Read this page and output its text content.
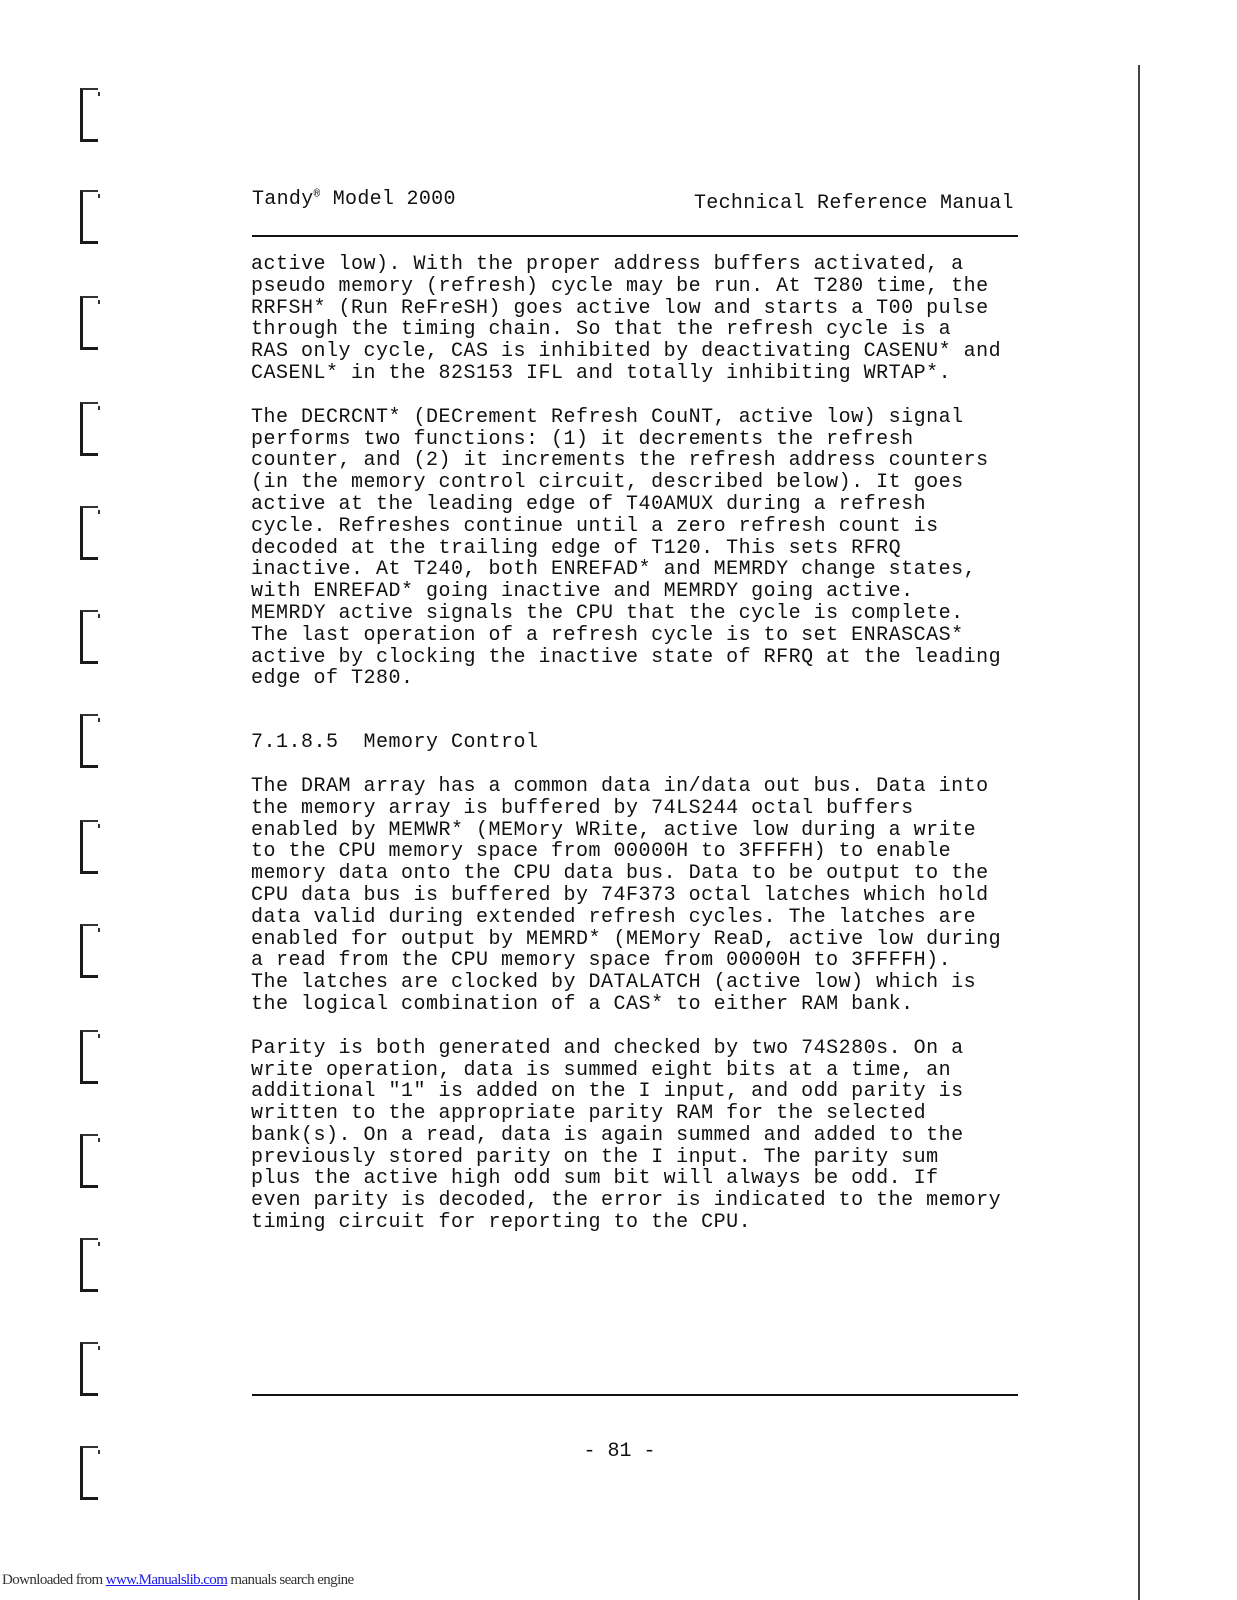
Tandy® Model 2000	Technical Reference Manual

active low). With the proper address buffers activated, a
pseudo memory (refresh) cycle may be run. At T280 time, the
RRFSH* (Run ReFreSH) goes active low and starts a T00 pulse
through the timing chain. So that the refresh cycle is a
RAS only cycle, CAS is inhibited by deactivating CASENU* and
CASENL* in the 82S153 IFL and totally inhibiting WRTAP*.

The DECRCNT* (DECrement Refresh CouNT, active low) signal
performs two functions: (1) it decrements the refresh
counter, and (2) it increments the refresh address counters
(in the memory control circuit, described below). It goes
active at the leading edge of T40AMUX during a refresh
cycle. Refreshes continue until a zero refresh count is
decoded at the trailing edge of T120. This sets RFRQ
inactive. At T240, both ENREFAD* and MEMRDY change states,
with ENREFAD* going inactive and MEMRDY going active.
MEMRDY active signals the CPU that the cycle is complete.
The last operation of a refresh cycle is to set ENRASCAS*
active by clocking the inactive state of RFRQ at the leading
edge of T280.

7.1.8.5 Memory Control

The DRAM array has a common data in/data out bus. Data into
the memory array is buffered by 74LS244 octal buffers
enabled by MEMWR* (MEMory WRite, active low during a write
to the CPU memory space from 00000H to 3FFFFH) to enable
memory data onto the CPU data bus. Data to be output to the
CPU data bus is buffered by 74F373 octal latches which hold
data valid during extended refresh cycles. The latches are
enabled for output by MEMRD* (MEMory ReaD, active low during
a read from the CPU memory space from 00000H to 3FFFFH).
The latches are clocked by DATALATCH (active low) which is
the logical combination of a CAS* to either RAM bank.

Parity is both generated and checked by two 74S280s. On a
write operation, data is summed eight bits at a time, an
additional "1" is added on the I input, and odd parity is
written to the appropriate parity RAM for the selected
bank(s). On a read, data is again summed and added to the
previously stored parity on the I input. The parity sum
plus the active high odd sum bit will always be odd. If
even parity is decoded, the error is indicated to the memory
timing circuit for reporting to the CPU.

- 81 -
Downloaded from www.Manualslib.com manuals search engine
